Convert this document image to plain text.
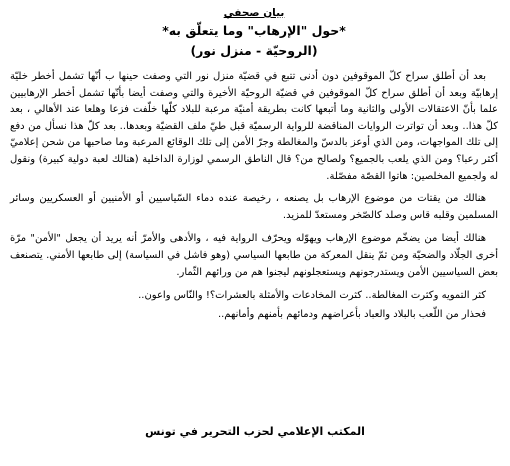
بيان صحفي
*حول "الإرهاب" وما يتعلّق به*
(الروحيّة - منزل نور)

بعد أن أطلق سراح كلّ الموقوفين دون أدنى تتبع في قضيّة منزل نور التي وصفت حينها ب أنّها تشمل أخطر خليّة إرهابيّة وبعد أن أطلق سراح كلّ الموقوفين في قضيّة الروحيّة الأخيرة والتي وصفت أيضا بأنّها تشمل أخطر الإرهابيين علما بأنّ الاعتقالات الأولى والثانية وما أتبعها كانت بطريقة أمنيّة مرعبة للبلاد كلّها خلّفت فزعا وهلعا عند الأهالي ، بعد كلّ هذا.. وبعد أن تواترت الروايات المناقضة للرواية الرسميّة قبل طيّ ملف القضيّة وبعدها.. بعد كلّ هذا نسأل من دفع إلى تلك المواجهات، ومن الذي أوعز بالدسّ والمغالطة وجرّ الأمن إلى تلك الوقائع المرعبة وما صاحبها من شحن إعلاميّ أكثر رعبا؟ ومن الذي يلعب بالجميع؟ ولصالح من؟ قال الناطق الرسمي لوزارة الداخلية (هنالك لعبة دولية كبيرة) ونقول له ولجميع المخلصين: هاتوا القصّة مفصّلة.

هنالك من يقتات من موضوع الإرهاب بل يصنعه ، رخيصة عنده دماء السّياسيين أو الأمنيين أو العسكريين وسائر المسلمين وقلبه قاس وصلد كالصّخر ومستعدّ للمزيد.

هنالك أيضا من يضخّم موضوع الإرهاب ويهوّله ويحرّف الرواية فيه ، والأدهى والأمرّ أنه يريد أن يجعل "الأمن" مرّة أخرى الجلّاد والضحيّة ومن ثمّ ينقل المعركة من طابعها السياسي (وهو فاشل في السياسة) إلى طابعها الأمني. يتصنعف بعض السياسيين الأمن ويستدرجونهم ويستعجلونهم ليجنوا هم من ورائهم الثّمار.

كثر التمويه وكثرت المغالطة.. كثرت المخادعات والأمثلة بالعشرات؟! والنّاس واعون..

فحذار من اللّعب بالبلاد والعباد بأعراضهم ودمائهم بأمنهم وأمانهم..

المكتب الإعلامي لحزب التحرير في تونس
